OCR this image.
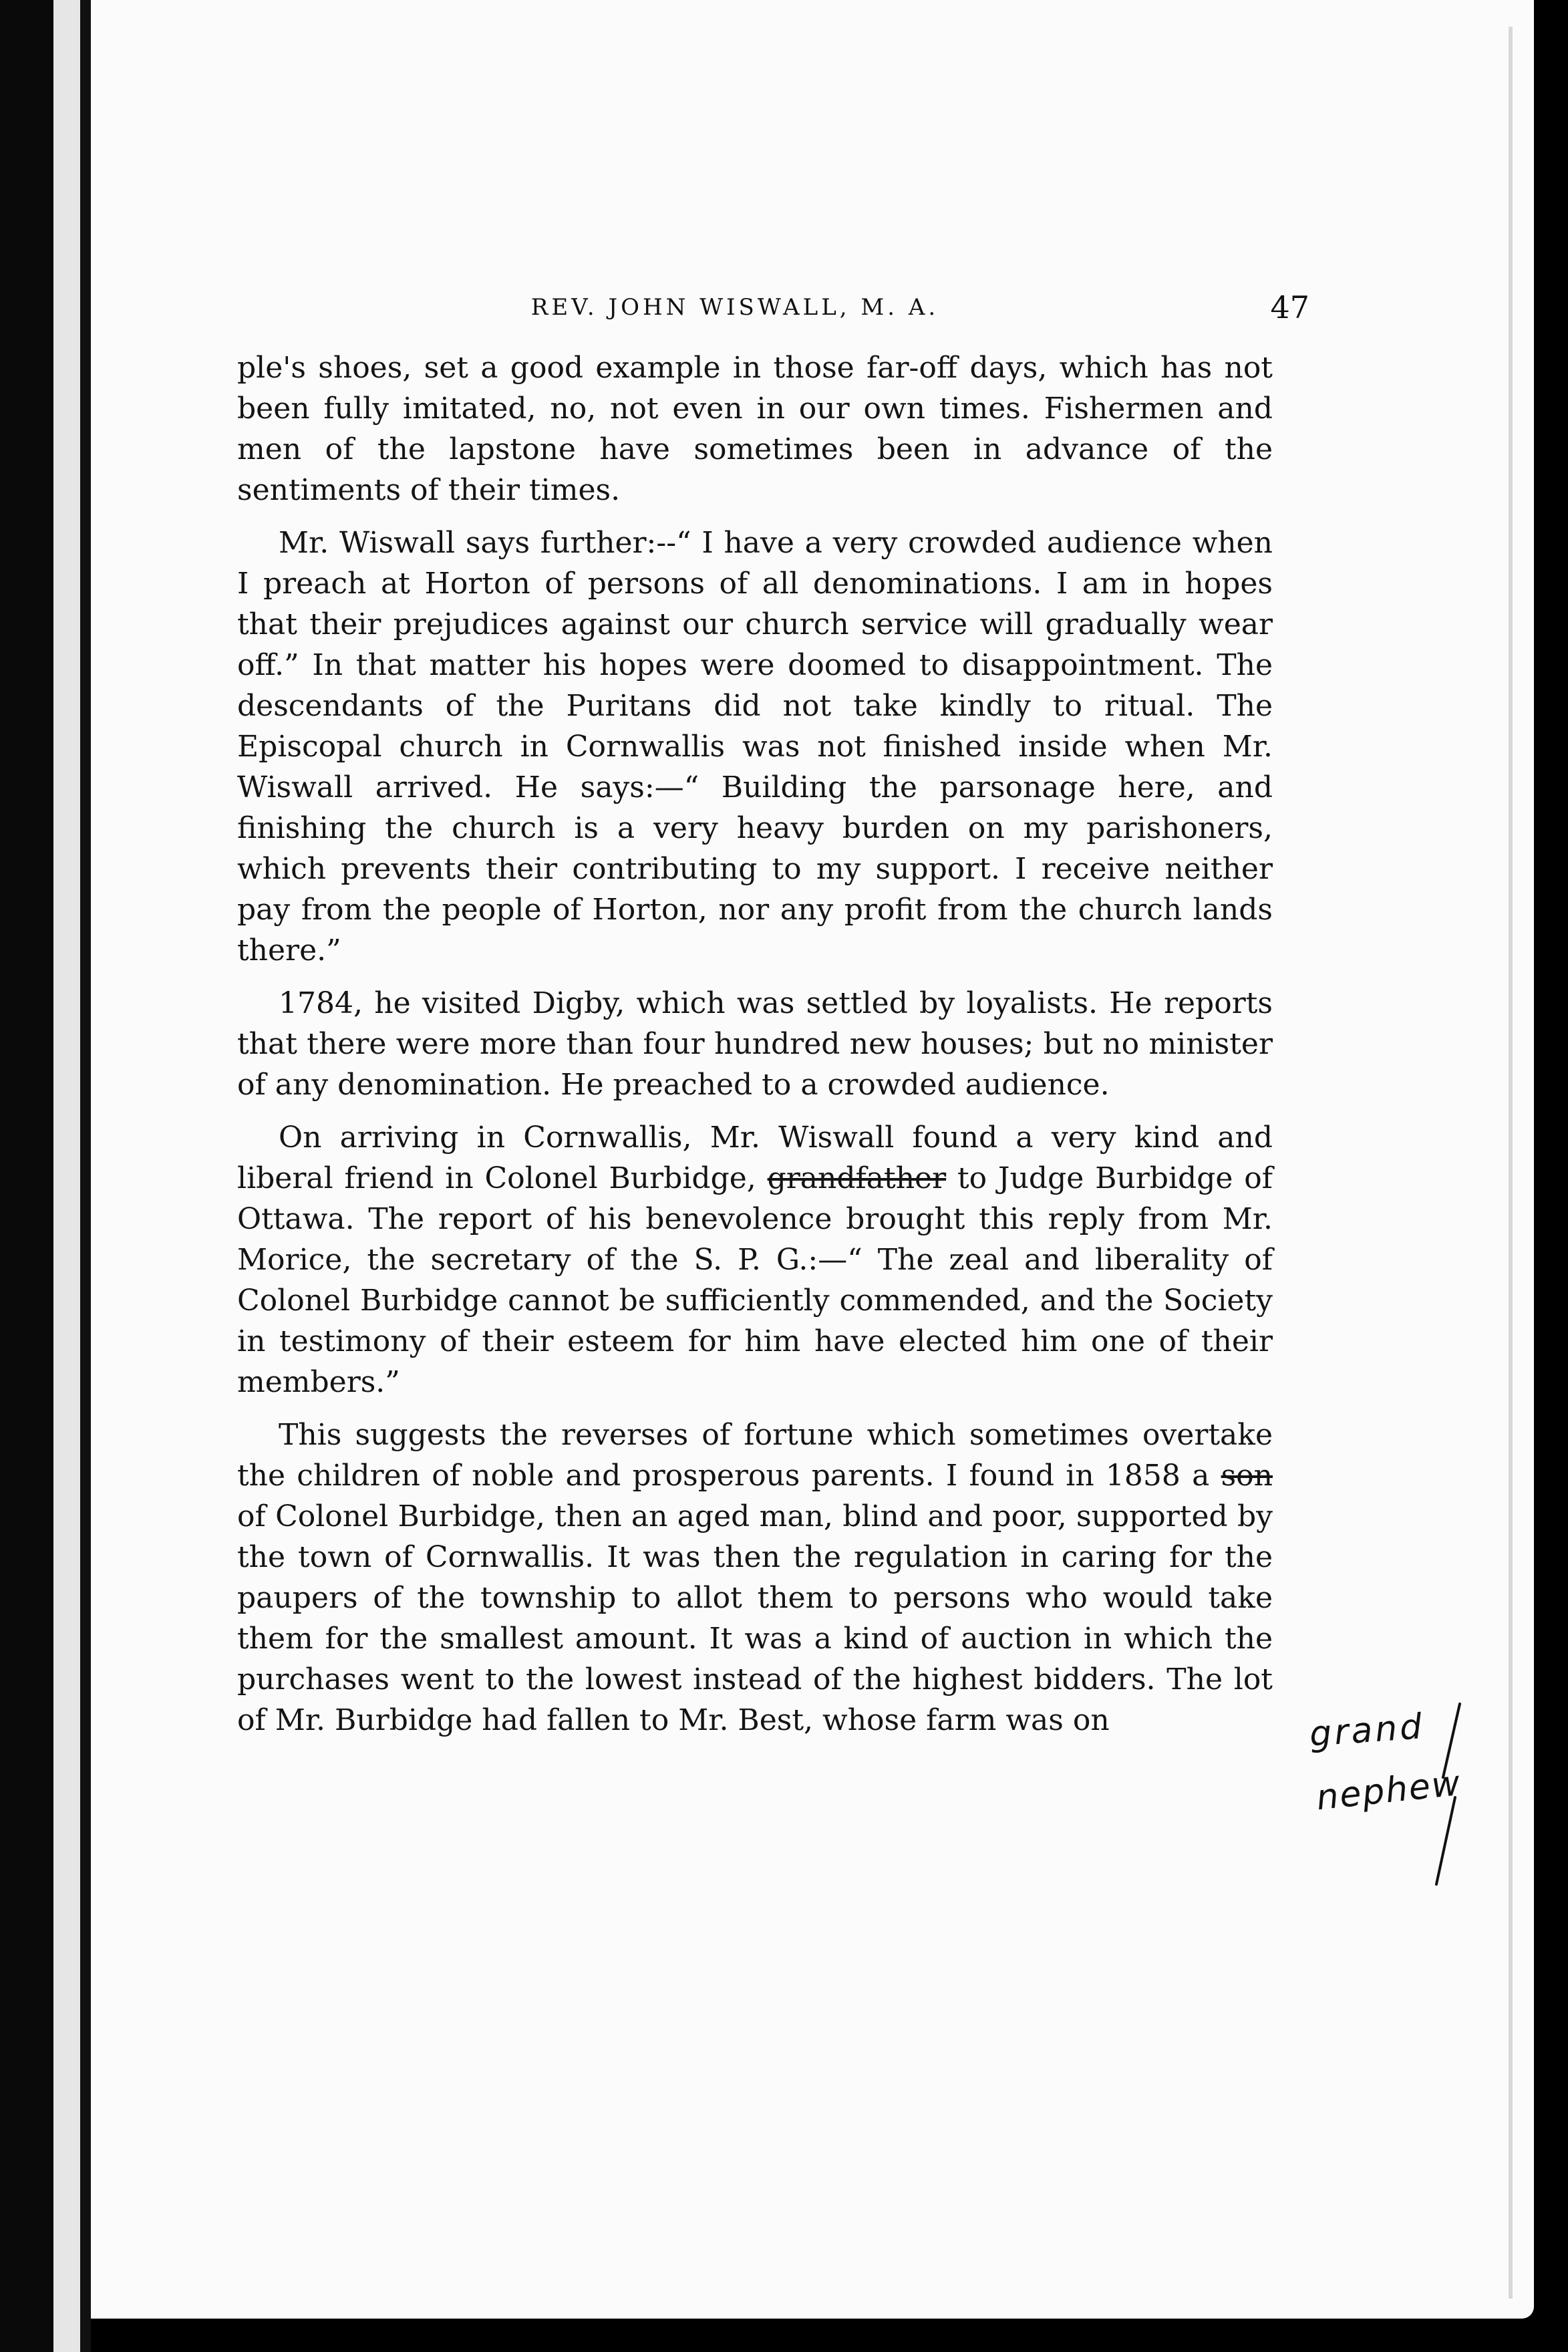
REV. JOHN WISWALL, M. A.	47

ple's shoes, set a good example in those far-off days, which has not been fully imitated, no, not even in our own times. Fishermen and men of the lapstone have sometimes been in advance of the sentiments of their times.

Mr. Wiswall says further:--“ I have a very crowded audience when I preach at Horton of persons of all denominations. I am in hopes that their prejudices against our church service will gradually wear off.” In that matter his hopes were doomed to disappointment. The descendants of the Puritans did not take kindly to ritual. The Episcopal church in Cornwallis was not finished inside when Mr. Wiswall arrived. He says:—“ Building the parsonage here, and finishing the church is a very heavy burden on my parishoners, which prevents their contributing to my support. I receive neither pay from the people of Horton, nor any profit from the church lands there.”

1784, he visited Digby, which was settled by loyalists. He reports that there were more than four hundred new houses; but no minister of any denomination. He preached to a crowded audience.

On arriving in Cornwallis, Mr. Wiswall found a very kind and liberal friend in Colonel Burbidge, grandfather to Judge Burbidge of Ottawa. The report of his benevolence brought this reply from Mr. Morice, the secretary of the S. P. G.:—“ The zeal and liberality of Colonel Burbidge cannot be sufficiently commended, and the Society in testimony of their esteem for him have elected him one of their members.”

This suggests the reverses of fortune which sometimes overtake the children of noble and prosperous parents. I found in 1858 a son of Colonel Burbidge, then an aged man, blind and poor, supported by the town of Cornwallis. It was then the regulation in caring for the paupers of the township to allot them to persons who would take them for the smallest amount. It was a kind of auction in which the purchases went to the lowest instead of the highest bidders. The lot of Mr. Burbidge had fallen to Mr. Best, whose farm was on	grand
nephew
